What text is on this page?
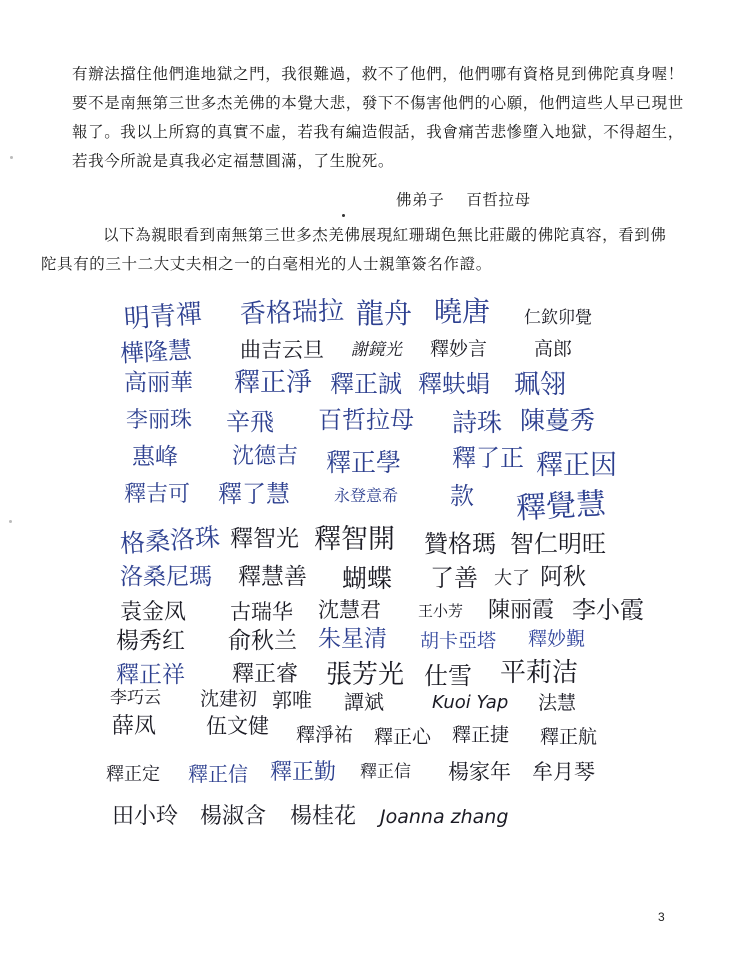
有辦法擋住他們進地獄之門，我很難過，救不了他們，他們哪有資格見到佛陀真身喔！
要不是南無第三世多杰羌佛的本覺大悲，發下不傷害他們的心願，他們這些人早已現世
報了。我以上所寫的真實不虛，若我有編造假話，我會痛苦悲慘墮入地獄，不得超生，
若我今所說是真我必定福慧圓滿，了生脫死。
佛弟子 百哲拉母
以下為親眼看到南無第三世多杰羌佛展現紅珊瑚色無比莊嚴的佛陀真容，看到佛
陀具有的三十二大丈夫相之一的白毫相光的人士親筆簽名作證。
明青禪 香格瑞拉 龍舟 曉唐 仁欽卯覺
樺隆慧 曲吉云旦 謝鏡光 釋妙言 高郎
高丽華 釋正淨 釋正誠 釋蚨蜎 珮翎
李丽珠 辛飛 百哲拉母 詩珠 陳蔓秀
惠峰 沈德吉 釋正學 釋了正 釋正因
釋吉可 釋了慧	永登意希 款 釋覺慧
格桑洛珠 釋智光 釋智開 贊格瑪 智仁明旺
洛桑尼瑪 釋慧善 蝴蝶 了善 大了 阿秋
袁金凤 古瑞华 沈慧君 王小芳 陳丽霞 李小霞
楊秀红 俞秋兰 朱星清 胡卡亞塔 釋妙覲
釋正祥 釋正睿 張芳光 仕雪 平莉洁
李巧云 沈建初 郭唯 譚斌	Kuoi Yap 法慧
薛凤 伍文健 釋淨祐 釋正心 釋正捷 釋正航
釋正定 釋正信 釋正勤 釋正信 楊家年 牟月琴
田小玲 楊淑含 楊桂花 Joanna zhang
3
